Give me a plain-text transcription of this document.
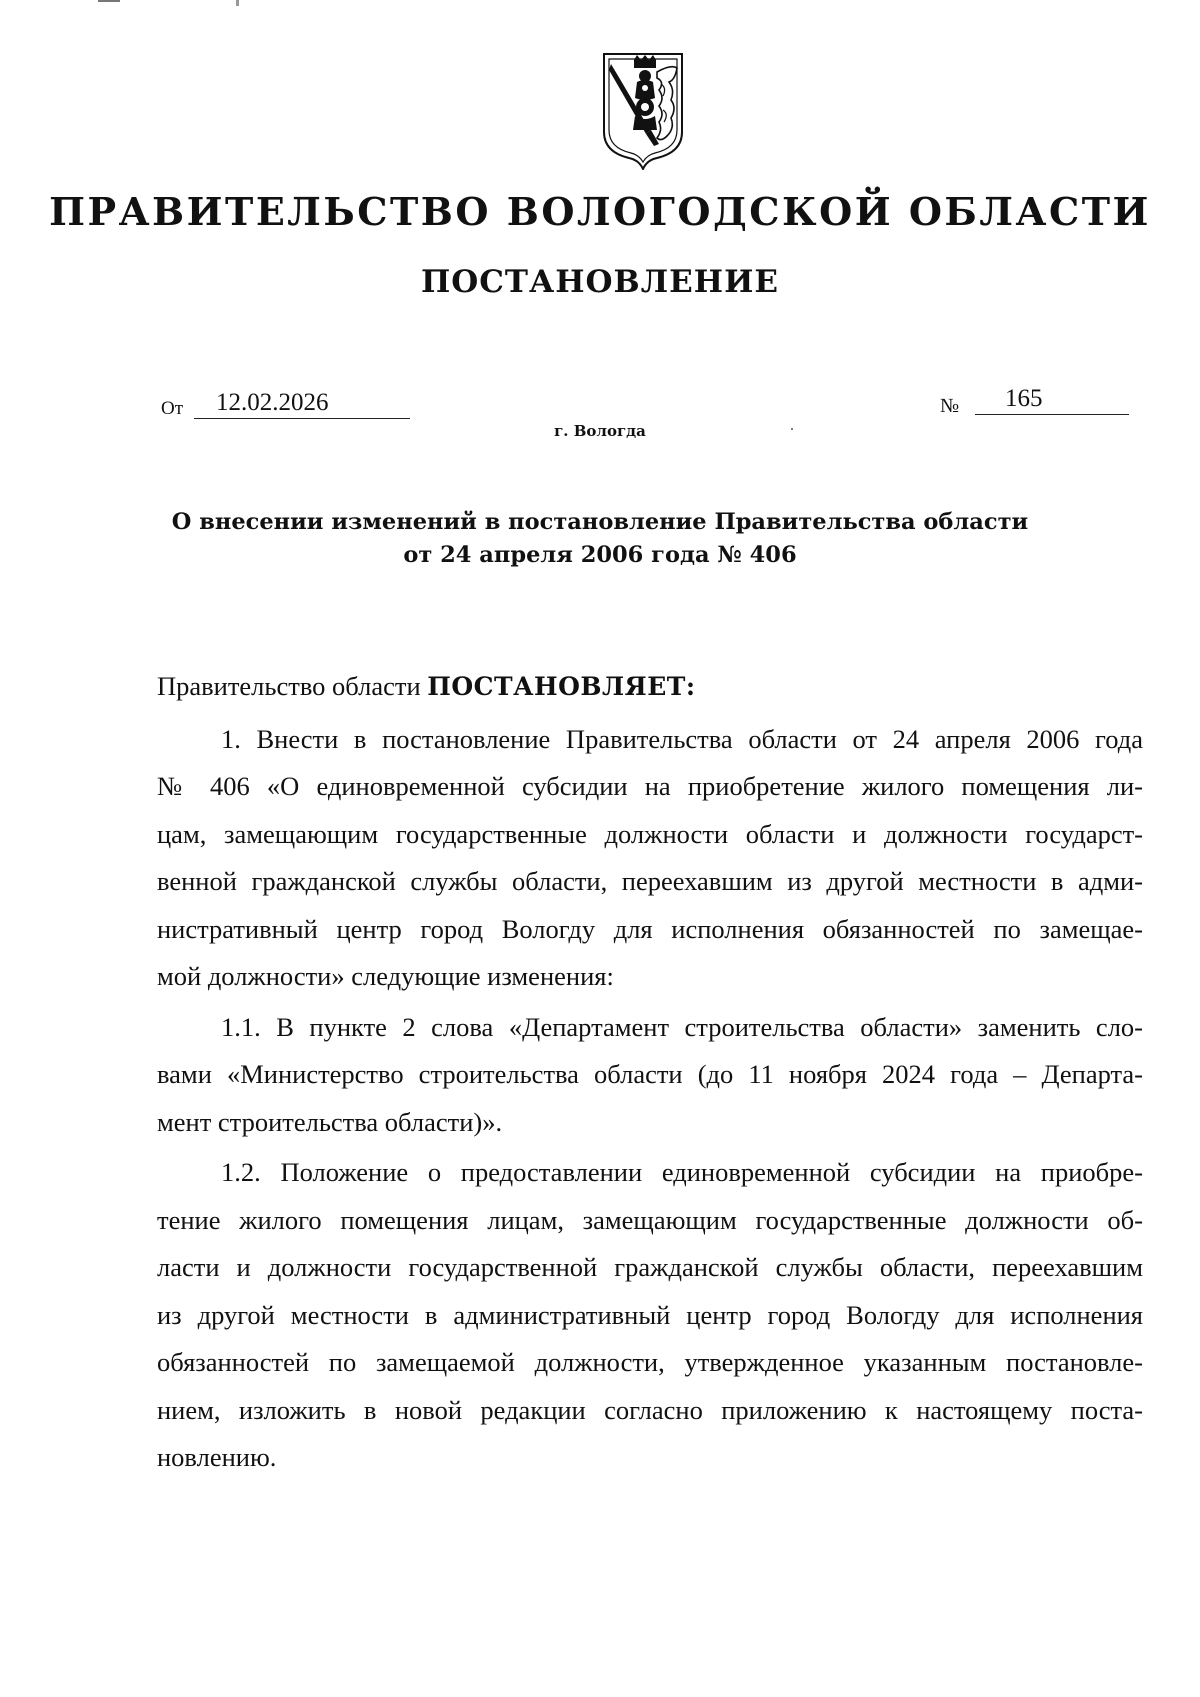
ПРАВИТЕЛЬСТВО ВОЛОГОДСКОЙ ОБЛАСТИ
ПОСТАНОВЛЕНИЕ
От	12.02.2026	№	165
г. Вологда
О внесении изменений в постановление Правительства области
от 24 апреля 2006 года № 406
Правительство области ПОСТАНОВЛЯЕТ:
1. Внести в постановление Правительства области от 24 апреля 2006 года
№ 406 «О единовременной субсидии на приобретение жилого помещения ли-
цам, замещающим государственные должности области и должности государст-
венной гражданской службы области, переехавшим из другой местности в адми-
нистративный центр город Вологду для исполнения обязанностей по замещае-
мой должности» следующие изменения:
1.1. В пункте 2 слова «Департамент строительства области» заменить сло-
вами «Министерство строительства области (до 11 ноября 2024 года – Департа-
мент строительства области)».
1.2. Положение о предоставлении единовременной субсидии на приобре-
тение жилого помещения лицам, замещающим государственные должности об-
ласти и должности государственной гражданской службы области, переехавшим
из другой местности в административный центр город Вологду для исполнения
обязанностей по замещаемой должности, утвержденное указанным постановле-
нием, изложить в новой редакции согласно приложению к настоящему поста-
новлению.
